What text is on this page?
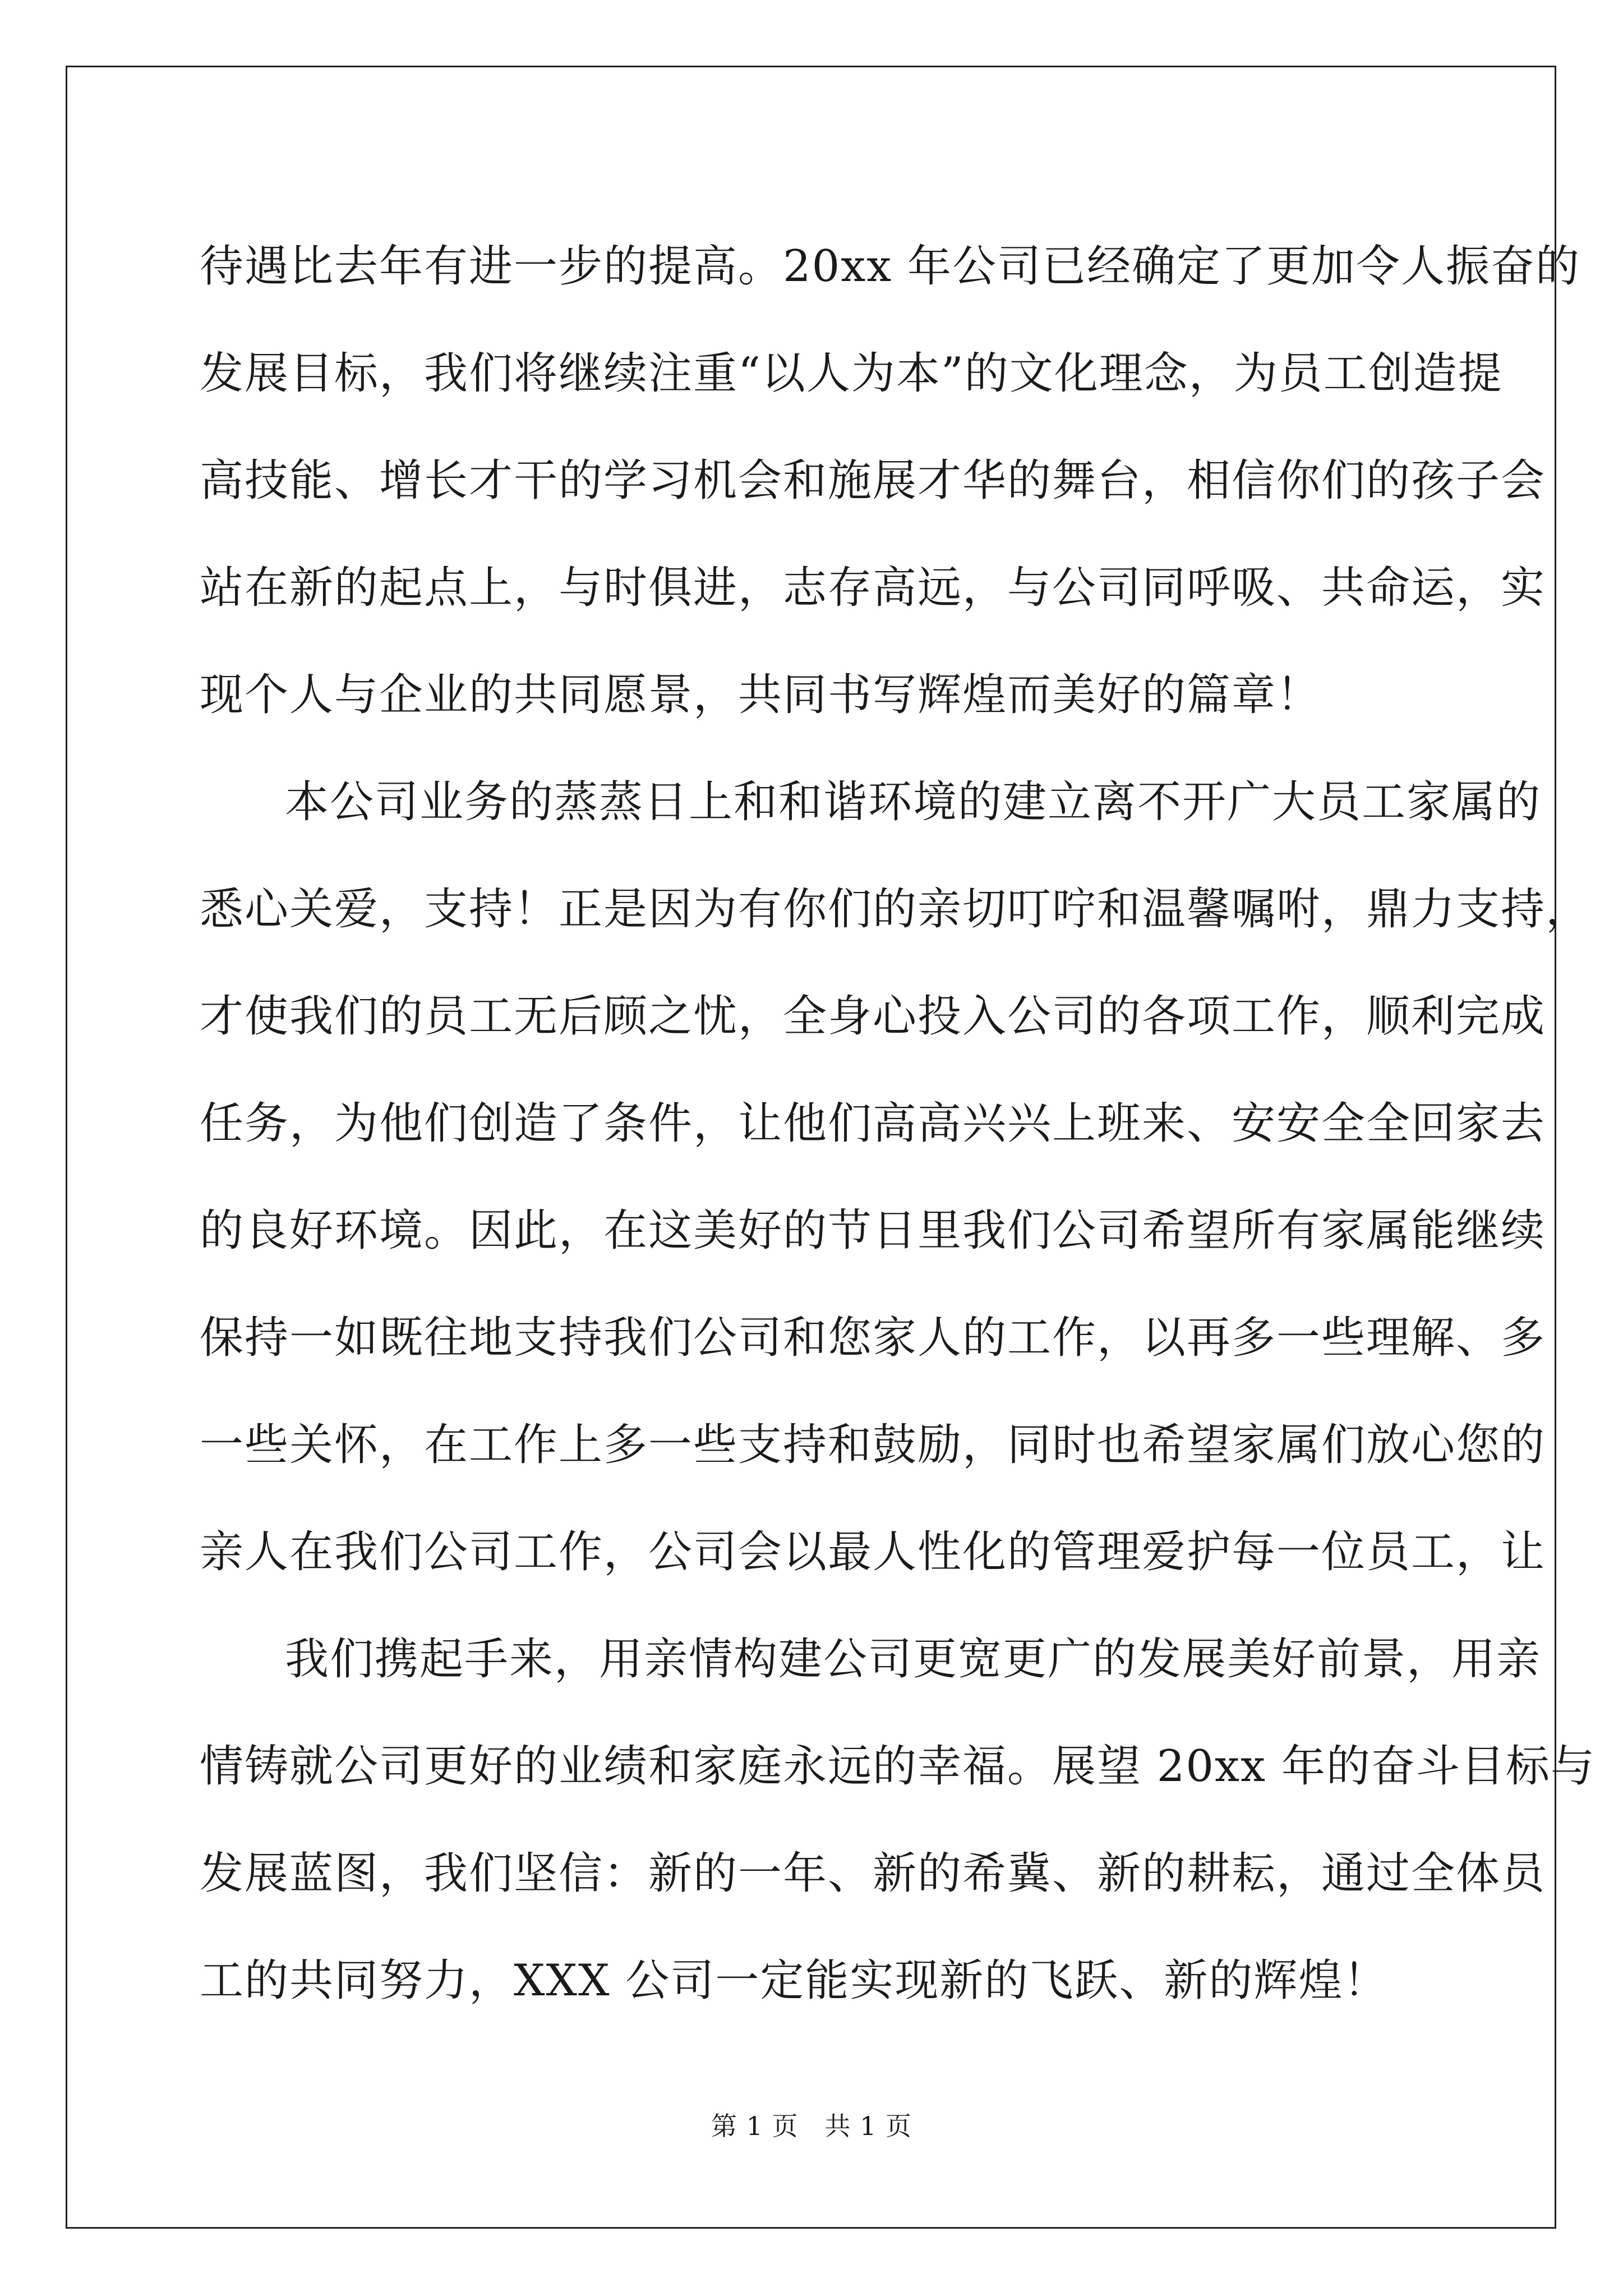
待遇比去年有进一步的提高。20xx 年公司已经确定了更加令人振奋的
发展目标，我们将继续注重“以人为本”的文化理念，为员工创造提
高技能、增长才干的学习机会和施展才华的舞台，相信你们的孩子会
站在新的起点上，与时俱进，志存高远，与公司同呼吸、共命运，实
现个人与企业的共同愿景，共同书写辉煌而美好的篇章！
本公司业务的蒸蒸日上和和谐环境的建立离不开广大员工家属的
悉心关爱，支持！正是因为有你们的亲切叮咛和温馨嘱咐，鼎力支持，
才使我们的员工无后顾之忧，全身心投入公司的各项工作，顺利完成
任务，为他们创造了条件，让他们高高兴兴上班来、安安全全回家去
的良好环境。因此，在这美好的节日里我们公司希望所有家属能继续
保持一如既往地支持我们公司和您家人的工作，以再多一些理解、多
一些关怀，在工作上多一些支持和鼓励，同时也希望家属们放心您的
亲人在我们公司工作，公司会以最人性化的管理爱护每一位员工，让
我们携起手来，用亲情构建公司更宽更广的发展美好前景，用亲
情铸就公司更好的业绩和家庭永远的幸福。展望 20xx 年的奋斗目标与
发展蓝图，我们坚信：新的一年、新的希冀、新的耕耘，通过全体员
工的共同努力，XXX 公司一定能实现新的飞跃、新的辉煌！
第 1 页　共 1 页
